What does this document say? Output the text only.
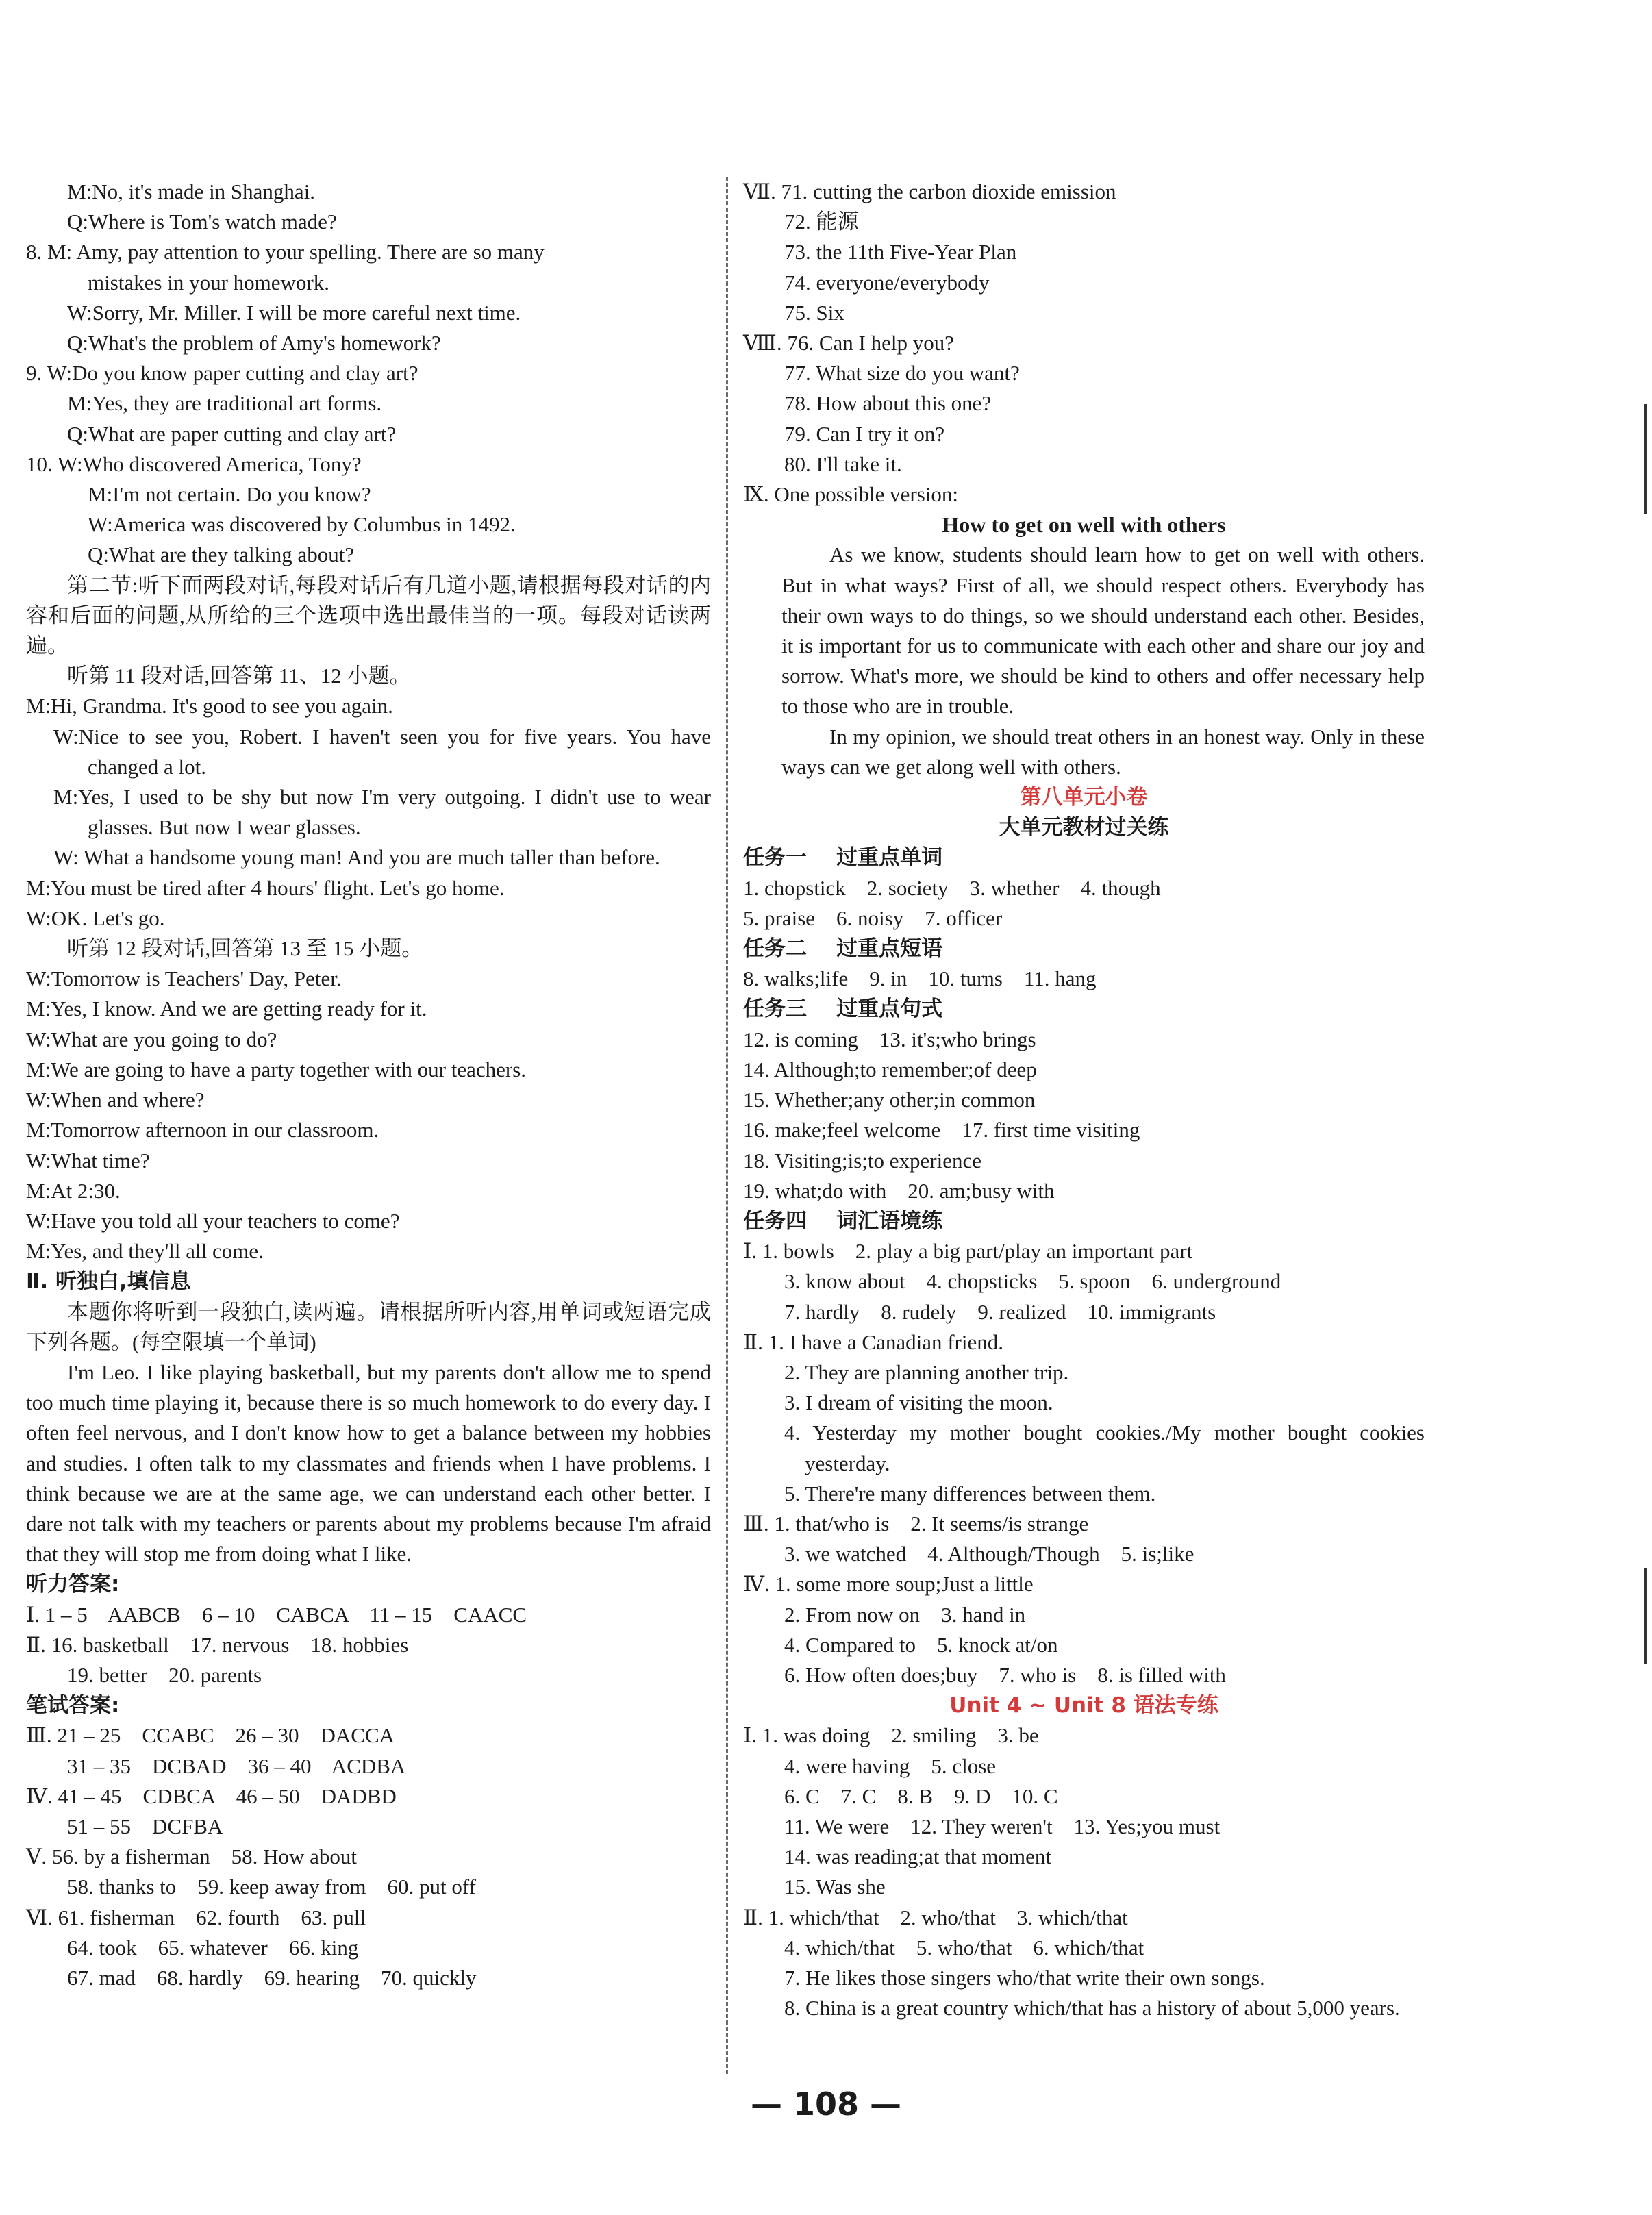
M:No, it's made in Shanghai.
Q:Where is Tom's watch made?
8. M: Amy, pay attention to your spelling. There are so many
mistakes in your homework.
W:Sorry, Mr. Miller. I will be more careful next time.
Q:What's the problem of Amy's homework?
9. W:Do you know paper cutting and clay art?
M:Yes, they are traditional art forms.
Q:What are paper cutting and clay art?
10. W:Who discovered America, Tony?
M:I'm not certain. Do you know?
W:America was discovered by Columbus in 1492.
Q:What are they talking about?
第二节:听下面两段对话,每段对话后有几道小题,请根据每段对话的内容和后面的问题,从所给的三个选项中选出最佳当的一项。每段对话读两遍。
听第 11 段对话,回答第 11、12 小题。
M:Hi, Grandma. It's good to see you again.
W:Nice to see you, Robert. I haven't seen you for five years. You have changed a lot.
M:Yes, I used to be shy but now I'm very outgoing. I didn't use to wear glasses. But now I wear glasses.
W: What a handsome young man! And you are much taller than before.
M:You must be tired after 4 hours' flight. Let's go home.
W:OK. Let's go.
听第 12 段对话,回答第 13 至 15 小题。
W:Tomorrow is Teachers' Day, Peter.
M:Yes, I know. And we are getting ready for it.
W:What are you going to do?
M:We are going to have a party together with our teachers.
W:When and where?
M:Tomorrow afternoon in our classroom.
W:What time?
M:At 2:30.
W:Have you told all your teachers to come?
M:Yes, and they'll all come.
Ⅱ. 听独白,填信息
本题你将听到一段独白,读两遍。请根据所听内容,用单词或短语完成下列各题。(每空限填一个单词)
I'm Leo. I like playing basketball, but my parents don't allow me to spend too much time playing it, because there is so much homework to do every day. I often feel nervous, and I don't know how to get a balance between my hobbies and studies. I often talk to my classmates and friends when I have problems. I think because we are at the same age, we can understand each other better. I dare not talk with my teachers or parents about my problems because I'm afraid that they will stop me from doing what I like.
听力答案:
Ⅰ. 1 – 5    AABCB    6 – 10    CABCA    11 – 15    CAACC
Ⅱ. 16. basketball    17. nervous    18. hobbies
19. better    20. parents
笔试答案:
Ⅲ. 21 – 25    CCABC    26 – 30    DACCA
31 – 35    DCBAD    36 – 40    ACDBA
Ⅳ. 41 – 45    CDBCA    46 – 50    DADBD
51 – 55    DCFBA
Ⅴ. 56. by a fisherman    58. How about
58. thanks to    59. keep away from    60. put off
Ⅵ. 61. fisherman    62. fourth    63. pull
64. took    65. whatever    66. king
67. mad    68. hardly    69. hearing    70. quickly
Ⅶ. 71. cutting the carbon dioxide emission
72. 能源
73. the 11th Five-Year Plan
74. everyone/everybody
75. Six
Ⅷ. 76. Can I help you?
77. What size do you want?
78. How about this one?
79. Can I try it on?
80. I'll take it.
Ⅸ. One possible version:
How to get on well with others
As we know, students should learn how to get on well with others. But in what ways? First of all, we should respect others. Everybody has their own ways to do things, so we should understand each other. Besides, it is important for us to communicate with each other and share our joy and sorrow. What's more, we should be kind to others and offer necessary help to those who are in trouble.
In my opinion, we should treat others in an honest way. Only in these ways can we get along well with others.
第八单元小卷
大单元教材过关练
任务一    过重点单词
1. chopstick    2. society    3. whether    4. though
5. praise    6. noisy    7. officer
任务二    过重点短语
8. walks;life    9. in    10. turns    11. hang
任务三    过重点句式
12. is coming    13. it's;who brings
14. Although;to remember;of deep
15. Whether;any other;in common
16. make;feel welcome    17. first time visiting
18. Visiting;is;to experience
19. what;do with    20. am;busy with
任务四    词汇语境练
Ⅰ. 1. bowls    2. play a big part/play an important part
3. know about    4. chopsticks    5. spoon    6. underground
7. hardly    8. rudely    9. realized    10. immigrants
Ⅱ. 1. I have a Canadian friend.
2. They are planning another trip.
3. I dream of visiting the moon.
4. Yesterday my mother bought cookies./My mother bought cookies yesterday.
5. There're many differences between them.
Ⅲ. 1. that/who is    2. It seems/is strange
3. we watched    4. Although/Though    5. is;like
Ⅳ. 1. some more soup;Just a little
2. From now on    3. hand in
4. Compared to    5. knock at/on
6. How often does;buy    7. who is    8. is filled with
Unit 4 ~ Unit 8 语法专练
Ⅰ. 1. was doing    2. smiling    3. be
4. were having    5. close
6. C    7. C    8. B    9. D    10. C
11. We were    12. They weren't    13. Yes;you must
14. was reading;at that moment
15. Was she
Ⅱ. 1. which/that    2. who/that    3. which/that
4. which/that    5. who/that    6. which/that
7. He likes those singers who/that write their own songs.
8. China is a great country which/that has a history of about 5,000 years.
— 108 —
